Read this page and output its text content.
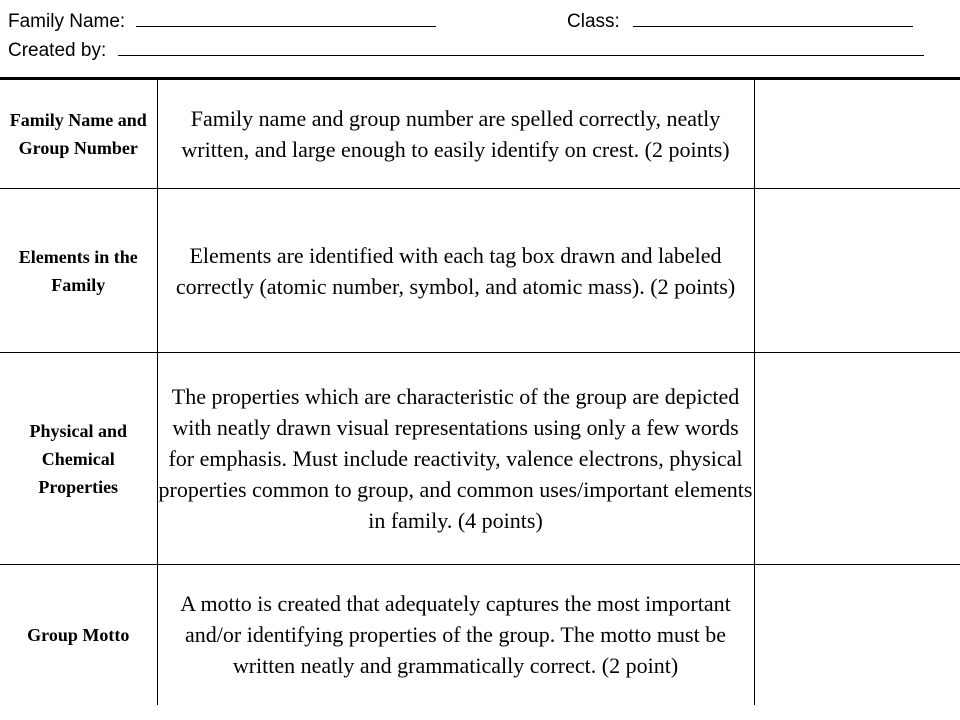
Family Name:	Class:
Created by:
Family Name and Group Number	Family name and group number are spelled correctly, neatly written, and large enough to easily identify on crest. (2 points)	
Elements in the Family	Elements are identified with each tag box drawn and labeled correctly (atomic number, symbol, and atomic mass). (2 points)	
Physical and Chemical Properties	The properties which are characteristic of the group are depicted with neatly drawn visual representations using only a few words for emphasis. Must include reactivity, valence electrons, physical properties common to group, and common uses/important elements in family. (4 points)	
Group Motto	A motto is created that adequately captures the most important and/or identifying properties of the group. The motto must be written neatly and grammatically correct. (2 point)	
